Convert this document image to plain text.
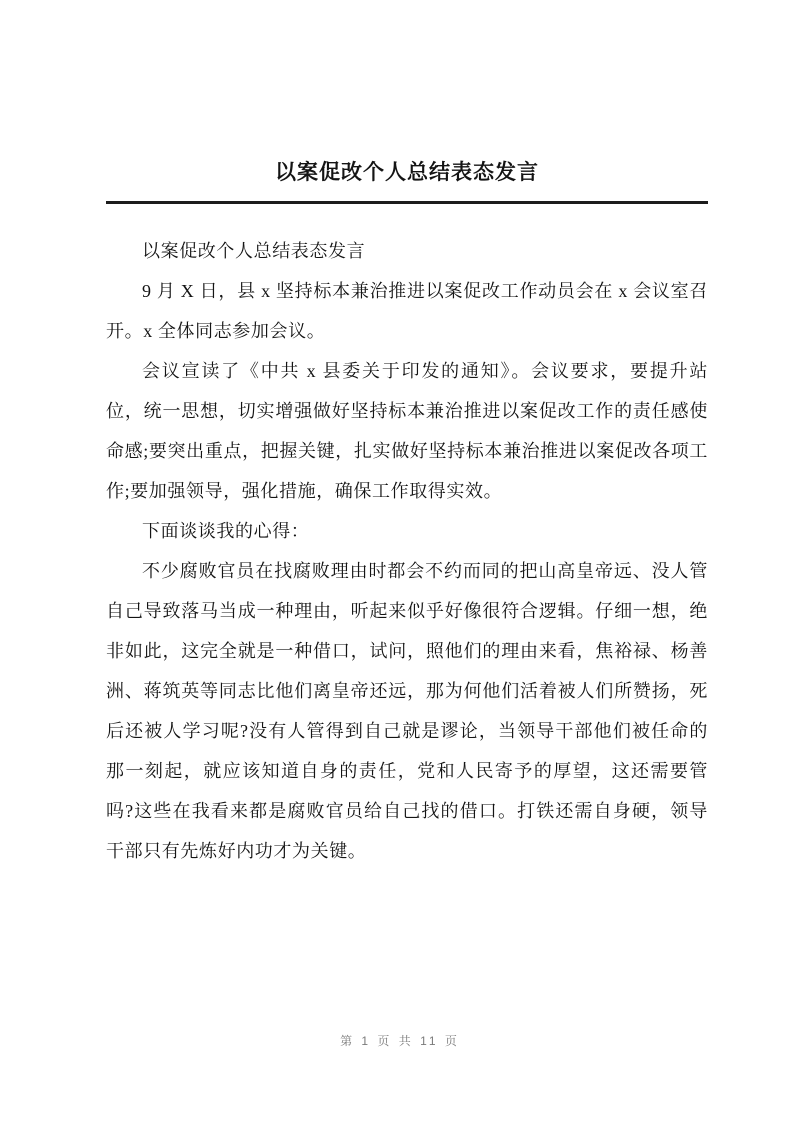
以案促改个人总结表态发言

以案促改个人总结表态发言

9 月 X 日，县 x 坚持标本兼治推进以案促改工作动员会在 x 会议室召开。x 全体同志参加会议。

会议宣读了《中共 x 县委关于印发的通知》。会议要求，要提升站位，统一思想，切实增强做好坚持标本兼治推进以案促改工作的责任感使命感;要突出重点，把握关键，扎实做好坚持标本兼治推进以案促改各项工作;要加强领导，强化措施，确保工作取得实效。

下面谈谈我的心得：

不少腐败官员在找腐败理由时都会不约而同的把山高皇帝远、没人管自己导致落马当成一种理由，听起来似乎好像很符合逻辑。仔细一想，绝非如此，这完全就是一种借口，试问，照他们的理由来看，焦裕禄、杨善洲、蒋筑英等同志比他们离皇帝还远，那为何他们活着被人们所赞扬，死后还被人学习呢?没有人管得到自己就是谬论，当领导干部他们被任命的那一刻起，就应该知道自身的责任，党和人民寄予的厚望，这还需要管吗?这些在我看来都是腐败官员给自己找的借口。打铁还需自身硬，领导干部只有先炼好内功才为关键。

第 1 页 共 11 页
